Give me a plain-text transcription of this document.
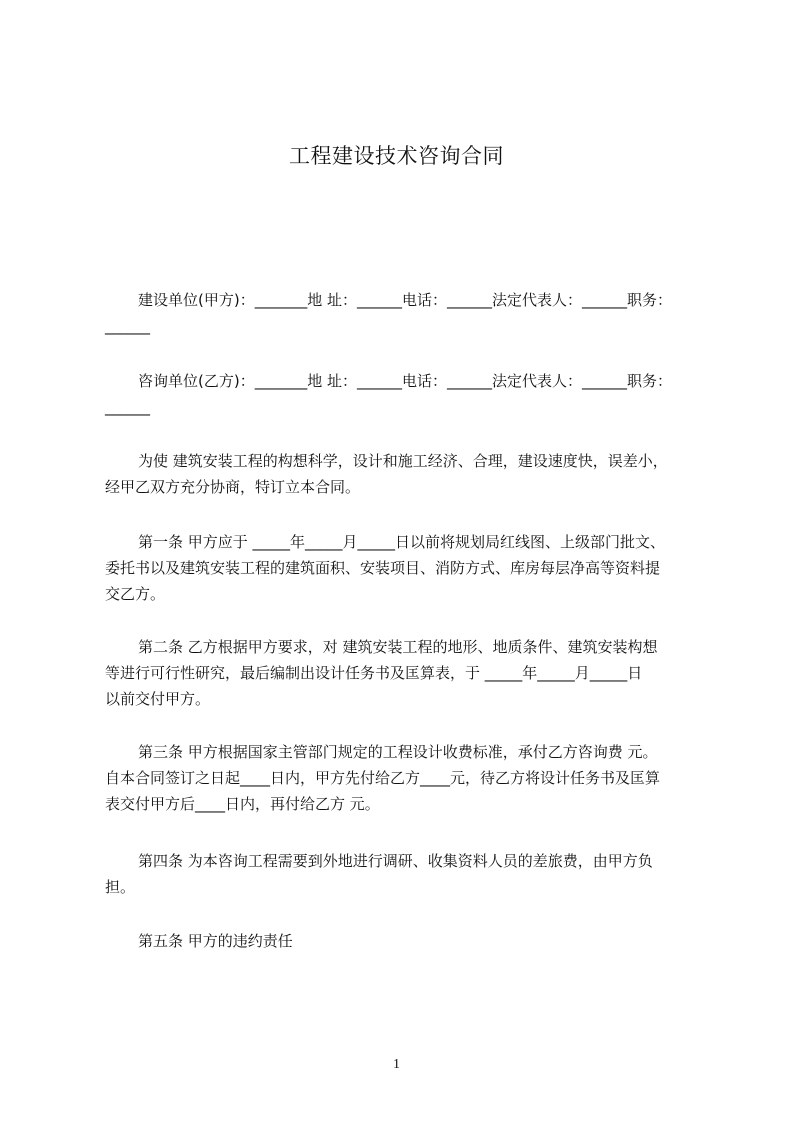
工程建设技术咨询合同
建设单位(甲方)：_______地 址：______电话：______法定代表人：______职务：
______
咨询单位(乙方)：_______地 址：______电话：______法定代表人：______职务：
______
为使 建筑安装工程的构想科学，设计和施工经济、合理，建设速度快，误差小，
经甲乙双方充分协商，特订立本合同。
第一条 甲方应于 _____年_____月_____日以前将规划局红线图、上级部门批文、
委托书以及建筑安装工程的建筑面积、安装项目、消防方式、库房每层净高等资料提
交乙方。
第二条 乙方根据甲方要求，对 建筑安装工程的地形、地质条件、建筑安装构想
等进行可行性研究，最后编制出设计任务书及匡算表，于 _____年_____月_____日
以前交付甲方。
第三条 甲方根据国家主管部门规定的工程设计收费标准，承付乙方咨询费 元。
自本合同签订之日起____日内，甲方先付给乙方____元，待乙方将设计任务书及匡算
表交付甲方后____日内，再付给乙方 元。
第四条 为本咨询工程需要到外地进行调研、收集资料人员的差旅费，由甲方负
担。
第五条 甲方的违约责任
1
